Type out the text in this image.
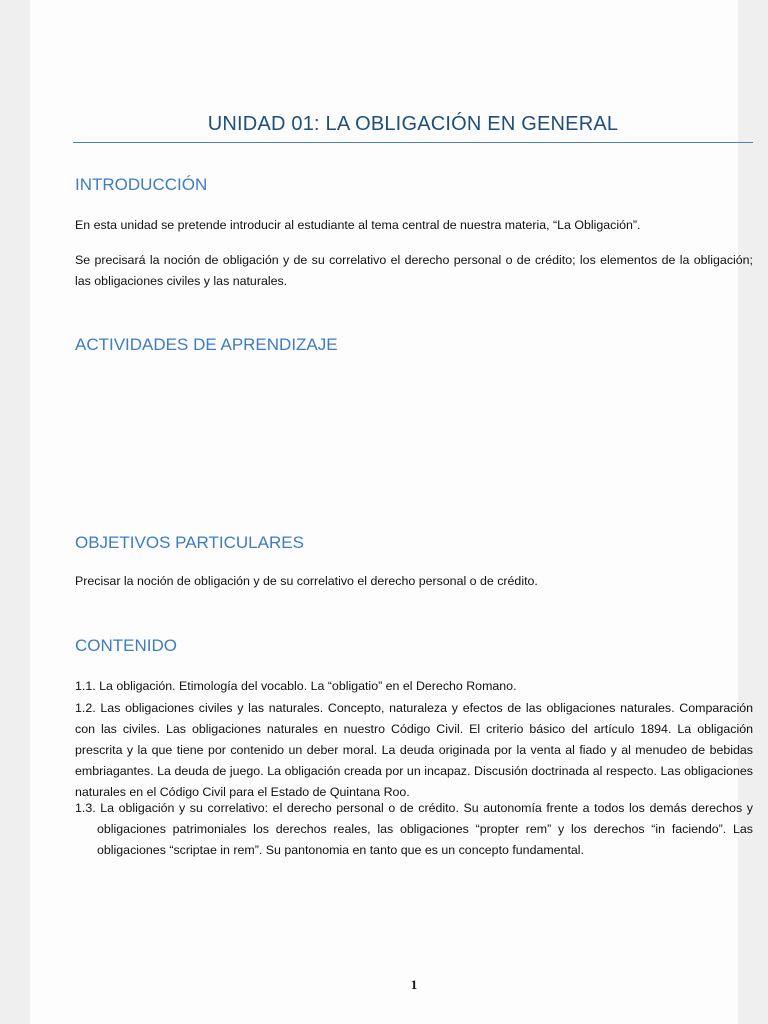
UNIDAD 01: LA OBLIGACIÓN EN GENERAL
INTRODUCCIÓN

En esta unidad se pretende introducir al estudiante al tema central de nuestra materia, “La Obligación”.

Se precisará la noción de obligación y de su correlativo el derecho personal o de crédito; los elementos de la obligación; las obligaciones civiles y las naturales.

ACTIVIDADES DE APRENDIZAJE
OBJETIVOS PARTICULARES

Precisar la noción de obligación y de su correlativo el derecho personal o de crédito.

CONTENIDO

1.1. La obligación. Etimología del vocablo. La “obligatio” en el Derecho Romano.

1.2. Las obligaciones civiles y las naturales. Concepto, naturaleza y efectos de las obligaciones naturales. Comparación con las civiles. Las obligaciones naturales en nuestro Código Civil. El criterio básico del artículo 1894. La obligación prescrita y la que tiene por contenido un deber moral. La deuda originada por la venta al fiado y al menudeo de bebidas embriagantes. La deuda de juego. La obligación creada por un incapaz. Discusión doctrinada al respecto. Las obligaciones naturales en el Código Civil para el Estado de Quintana Roo.

1.3. La obligación y su correlativo: el derecho personal o de crédito. Su autonomía frente a todos los demás derechos y obligaciones patrimoniales los derechos reales, las obligaciones “propter rem” y los derechos “in faciendo”. Las obligaciones “scriptae in rem”. Su pantonomia en tanto que es un concepto fundamental.
1
